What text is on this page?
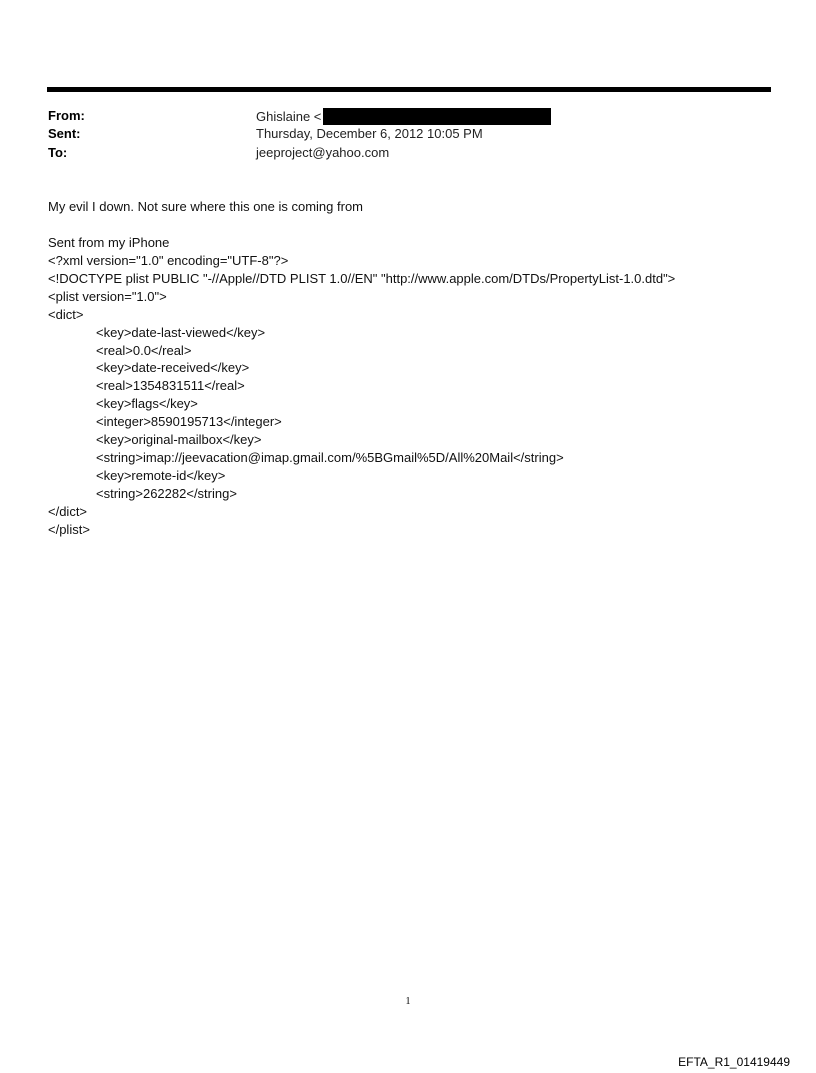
From:	Ghislaine <
Sent:	Thursday, December 6, 2012 10:05 PM
To:	jeeproject@yahoo.com
My evil I down. Not sure where this one is coming from
Sent from my iPhone
<?xml version="1.0" encoding="UTF-8"?>
<!DOCTYPE plist PUBLIC "-//Apple//DTD PLIST 1.0//EN" "http://www.apple.com/DTDs/PropertyList-1.0.dtd">
<plist version="1.0">
<dict>
<key>date-last-viewed</key>
<real>0.0</real>
<key>date-received</key>
<real>1354831511</real>
<key>flags</key>
<integer>8590195713</integer>
<key>original-mailbox</key>
<string>imap://jeevacation@imap.gmail.com/%5BGmail%5D/All%20Mail</string>
<key>remote-id</key>
<string>262282</string>
</dict>
</plist>
1
EFTA_R1_01419449
